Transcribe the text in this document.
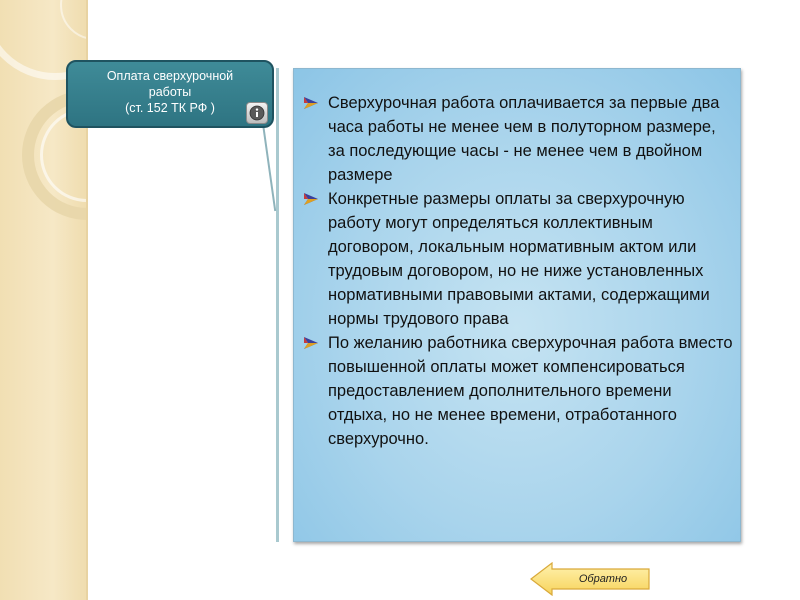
Оплата сверхурочной
работы
(ст. 152 ТК РФ )	Сверхурочная работа оплачивается за первые два часа работы не менее чем в полуторном размере, за последующие часы - не менее чем в двойном размере
Конкретные размеры оплаты за сверхурочную работу могут определяться коллективным договором, локальным нормативным актом или трудовым договором, но не ниже установленных нормативными правовыми актами, содержащими нормы трудового права
По желанию работника сверхурочная работа вместо повышенной оплаты может компенсироваться предоставлением дополнительного времени отдыха, но не менее времени, отработанного сверхурочно.
Обратно
